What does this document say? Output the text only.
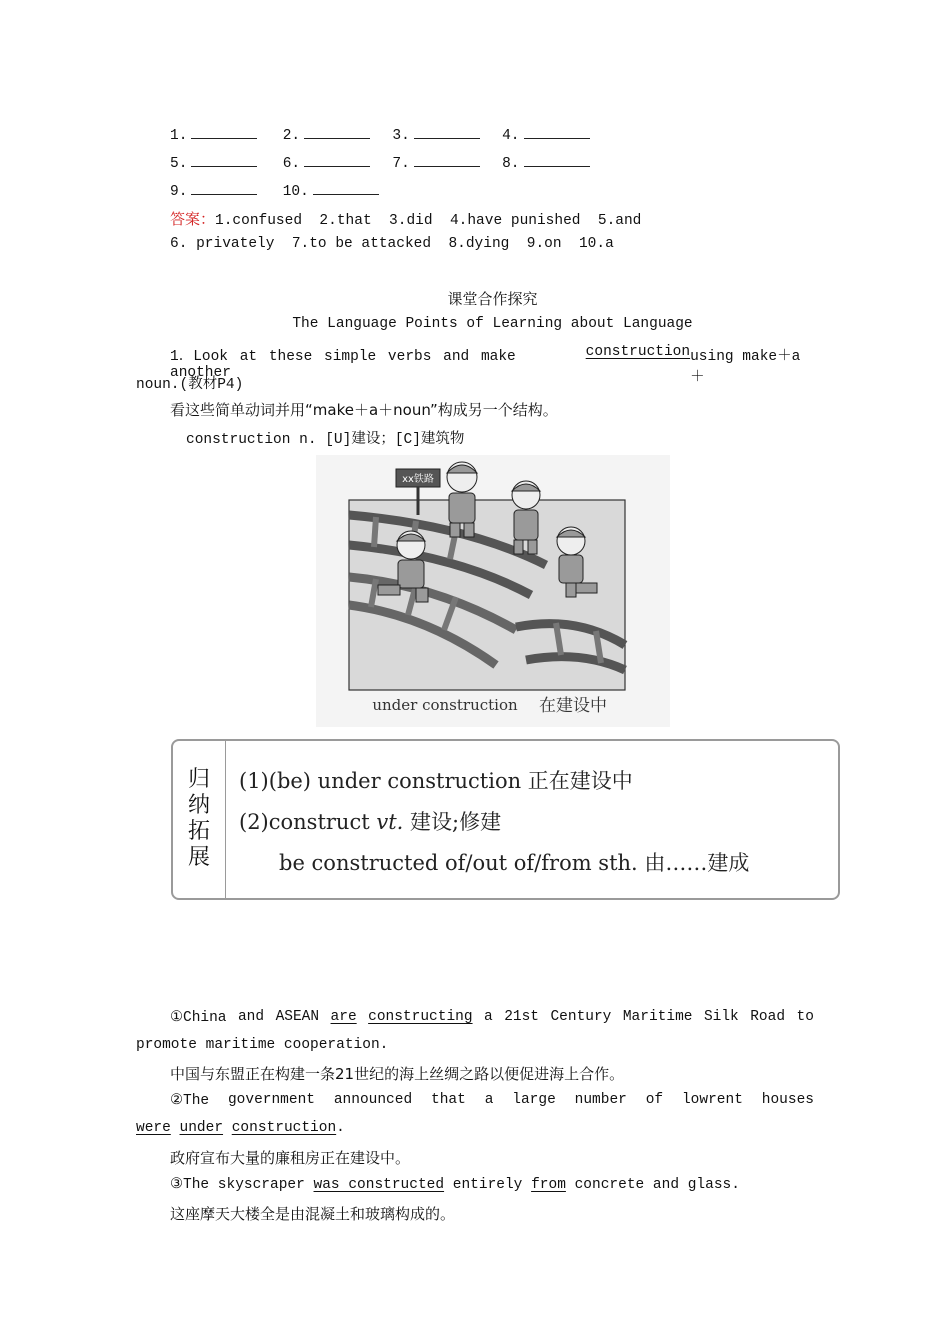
1.	2.	3.	4.
5.	6.	7.	8.
9.	10.
答案：1.confused  2.that  3.did  4.have punished  5.and
6. privately  7.to be attacked  8.dying  9.on  10.a
课堂合作探究
The Language Points of Learning about Language
1．Look at these simple verbs and make another
construction using make＋a＋
noun.(教材P4)
看这些简单动词并用“make＋a＋noun”构成另一个结构。
construction n. [U]建设；[C]建筑物
xx铁路
under construction 在建设中
归
纳
拓
展
(1)(be) under construction 正在建设中
(2)construct vt. 建设;修建
be constructed of/out of/from sth. 由……建成
①China and ASEAN are constructing a 21st Century Maritime Silk Road to
promote maritime cooperation.
中国与东盟正在构建一条21世纪的海上丝绸之路以便促进海上合作。
②The government announced that a large number of lowrent houses
were under construction.
政府宣布大量的廉租房正在建设中。
③The skyscraper was constructed entirely from concrete and glass.
这座摩天大楼全是由混凝土和玻璃构成的。
